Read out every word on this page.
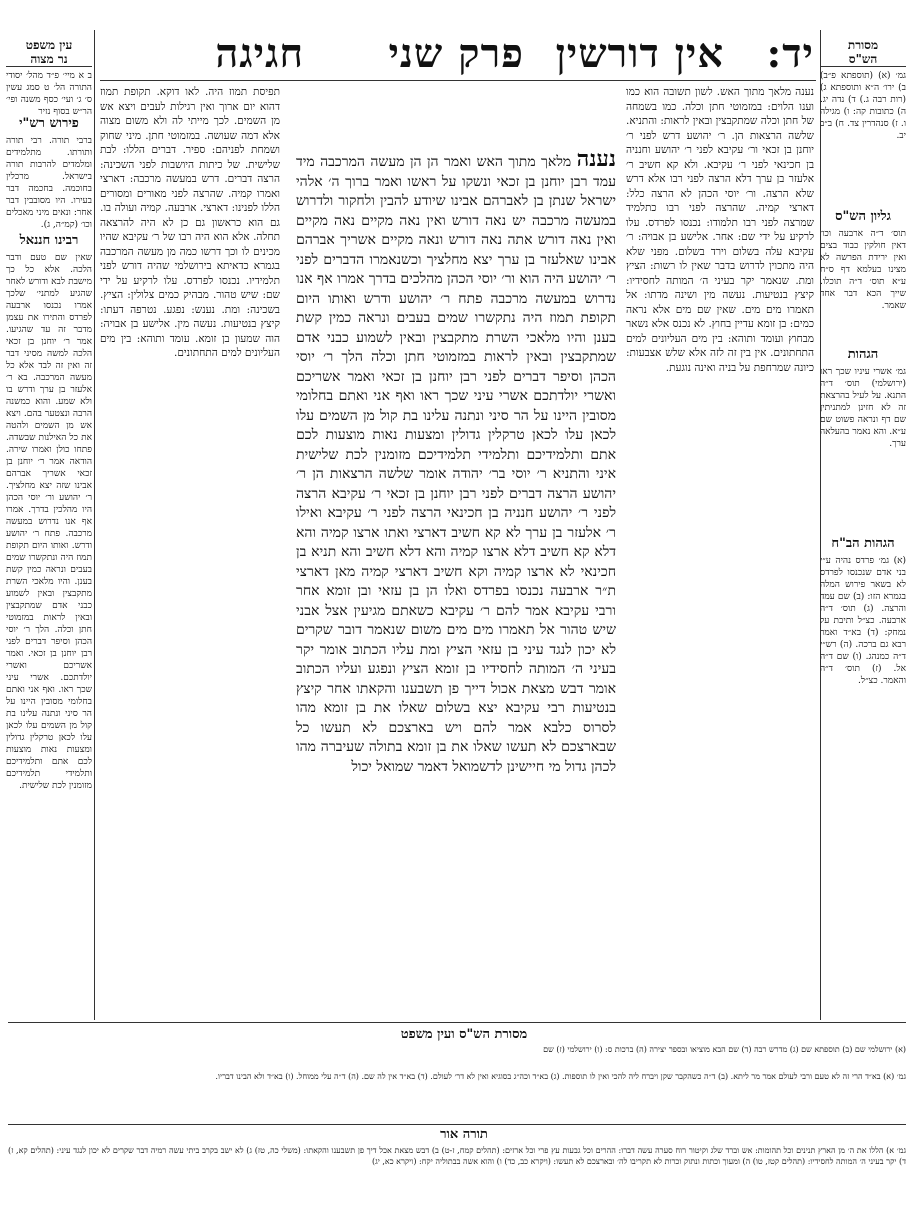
עין משפט
נר מצוה
ב א מיי׳ פ״ד מהל׳ יסודי התורה הל׳ ט סמג עשין ס׳ ג׳ ועי׳ כסף משנה ופי׳ הר״ש בסוף נזיר
פירוש רש"י
ברבי תורה. רבי תורה ותורתו. מתלמידים ומלמדים להרבות תורה בישראל. מרכלין בחוכמה. בחכמה דבר בעירו. היו מסובבין דבר אחר: ונאים מיני מאכלים וכו׳ (קמ״ה, ג).
רבינו חננאל
שאין שם טעם ודבר הלכה. אלא כל כך מישבת לבא ודורש לאחר שהגיע למתני׳ שלכך אמרו נכנסו ארבעה לפרדס והתירו את עצמן מדבר זה עד שהגיעו. אמר ר׳ יוחנן בן זכאי הלכה למשה מסיני דבר זה ואין זה לבד אלא כל מעשה המרכבה. בא ר׳ אלעזר בן ערך ודרש בו ולא שמע. והוא כמשנה הרבה ונצטער בהם. ויצא אש מן השמים ולהטה את כל האילנות שבשדה. פתחו כולן ואמרו שירה. הודאה אמר ר׳ יוחנן בן זכאי אשריך אברהם אבינו שזה יצא מחלציך. ר׳ יהושע ור׳ יוסי הכהן היו מהלכין בדרך. אמרו אף אנו נדרוש במעשה מרכבה. פתח ר׳ יהושע ודרש. ואותו היום תקופת תמוז היה ונתקשרו שמים בעבים ונראה כמין קשת בענן. והיו מלאכי השרת מתקבצין ובאין לשמוע כבני אדם שמתקבצין ובאין לראות במזמוטי חתן וכלה. הלך ר׳ יוסי הכהן וסיפר דברים לפני רבן יוחנן בן זכאי. ואמר אשריכם ואשרי יולדתכם. אשרי עיני שכך ראו. ואף אני ואתם בחלומי מסובין היינו על הר סיני ונתנה עלינו בת קול מן השמים עלו לכאן עלו לכאן טרקלין גדולין ומצעות נאות מוצעות לכם אתם ותלמידיכם ותלמידי תלמידיכם מזומנין לכת שלישית.
מסורת
הש"ס
גמ׳ (א) (תוספתא פ״ב) ב) ירו׳ ה״א ותוספתא ג) (רות רבה ג.) ד) נדה יג. ה) כתובות קה: ו) מגילה ו. ז) סנהדרין צד. ח) ב״ב יב.
גליון הש"ס
תוס׳ ד״ה ארבעה וכו׳ דאין חולקין כבוד בצים ואין ירידת הפרשה לא מצינו בעלמא דף ס״ח ע״א תוס׳ ד״ה תוכלו. שייך הכא דבר אחד שאמר.
הגהות
גמ׳ אשרי עיניו שכך ראו (ירושלמי) תוס׳ ד״ה התנא. על לעיל בהרצאת זה לא חזינן למתניתין שם דף ונראה פשוט שם ע״א. והא נאמר בהעלאה ערך.
הגהות הב"ח
(א) גמ׳ פרדס נהיה ע״י בני אדם שנכנסו לפרדס לא בשאר פירוש המלה בגמרא הזו: (ב) שם עמד והרצה. (ג) תוס׳ ד״ה ארבעה. כצ״ל ותיבת על נמחק: (ד) בא״ד ואמר רבא גם ברכה. (ה) רש״י ד״ה כמנהג. (ו) שם ד״ה אל. (ז) תוס׳ ד״ה והאמר. כצ״ל.
יד:
אין דורשין
פרק שני
חגיגה
נענה מלאך מתוך האש. לשון תשובה הוא כמו וענו הלוים: במזמוטי חתן וכלה. כמו בשמחה של חתן וכלה שמתקבצין ובאין לראות: והתניא. שלשה הרצאות הן. ר׳ יהושע דרש לפני ר׳ יוחנן בן זכאי ור׳ עקיבא לפני ר׳ יהושע וחנניה בן חכינאי לפני ר׳ עקיבא. ולא קא חשיב ר׳ אלעזר בן ערך דלא הרצה לפני רבו אלא דרש שלא הרצה. ור׳ יוסי הכהן לא הרצה כלל: דארצי קמיה. שהרצה לפני רבו כתלמיד שמרצה לפני רבו תלמודו: נכנסו לפרדס. עלו לרקיע על ידי שם: אחר. אלישע בן אבויה: ר׳ עקיבא עלה בשלום וירד בשלום. מפני שלא היה מתכוין לדרוש בדבר שאין לו רשות: הציץ ומת. שנאמר יקר בעיני ה׳ המותה לחסידיו: קיצץ בנטיעות. נעשה מין ושינה מדתו: אל תאמרו מים מים. שאין שם מים אלא נראה כמים: בן זומא עדיין בחוץ. לא נכנס אלא נשאר מבחוץ ועומד ותוהא: בין מים העליונים למים התחתונים. אין בין זה לזה אלא שלש אצבעות: כיונה שמרחפת על בניה ואינה נוגעת.
תפיסת תמוז היה. לאו דוקא. תקופת תמוז דהוא יום ארוך ואין רגילות לעבים ויצא אש מן השמים. לכך מייתי לה ולא משום מצוה אלא דמה שעושה. במזמוטי חתן. מיני שחוק ושמחת לפניהם: ספיר. דברים הללו: לבת שלישית. של כיתות היושבות לפני השכינה: הרצה דברים. דרש במעשה מרכבה: דארצי ואמרו קמיה. שהרצה לפני מאורים ומסורים הללו לפנינו: דארצי. ארבעה. קמיה ועולה בו. גם הוא כראשון גם כן לא היה להרצאה תחלה. אלא הוא היה רבו של ר׳ עקיבא שהיו מכינים לו וכך דרשו כמה מן מעשה המרכבה בגמרא כדאיתא בירושלמי שהיה דורש לפני תלמידיו. נכנסו לפרדס. עלו לרקיע על ידי שם: שיש טהור. מבהיק כמים צלולין: הציץ. בשכינה: ומת. נענש: נפגע. נטרפה דעתו: קיצץ בנטיעות. נעשה מין. אלישע בן אבויה: הוה שמעון בן זומא. עומד ותוהא: בין מים העליונים למים התחתונים.
נענה מלאך מתוך האש ואמר הן הן מעשה המרכבה מיד עמד רבן יוחנן בן זכאי ונשקו על ראשו ואמר ברוך ה׳ אלהי ישראל שנתן בן לאברהם אבינו שיודע להבין ולחקור ולדרוש במעשה מרכבה יש נאה דורש ואין נאה מקיים נאה מקיים ואין נאה דורש אתה נאה דורש ונאה מקיים אשריך אברהם אבינו שאלעזר בן ערך יצא מחלציך וכשנאמרו הדברים לפני ר׳ יהושע היה הוא ור׳ יוסי הכהן מהלכים בדרך אמרו אף אנו נדרוש במעשה מרכבה פתח ר׳ יהושע ודרש ואותו היום תקופת תמוז היה נתקשרו שמים בעבים ונראה כמין קשת בענן והיו מלאכי השרת מתקבצין ובאין לשמוע כבני אדם שמתקבצין ובאין לראות במזמוטי חתן וכלה הלך ר׳ יוסי הכהן וסיפר דברים לפני רבן יוחנן בן זכאי ואמר אשריכם ואשרי יולדתכם אשרי עיני שכך ראו ואף אני ואתם בחלומי מסובין היינו על הר סיני ונתנה עלינו בת קול מן השמים עלו לכאן עלו לכאן טרקלין גדולין ומצעות נאות מוצעות לכם אתם ותלמידיכם ותלמידי תלמידיכם מזומנין לכת שלישית איני והתניא ר׳ יוסי בר׳ יהודה אומר שלשה הרצאות הן ר׳ יהושע הרצה דברים לפני רבן יוחנן בן זכאי ר׳ עקיבא הרצה לפני ר׳ יהושע חנניה בן חכינאי הרצה לפני ר׳ עקיבא ואילו ר׳ אלעזר בן ערך לא קא חשיב דארצי ואתו ארצו קמיה והא דלא קא חשיב דלא ארצו קמיה והא דלא חשיב והא תניא בן חכינאי לא ארצו קמיה וקא חשיב דארצי קמיה מאן דארצי ת״ר ארבעה נכנסו בפרדס ואלו הן בן עזאי ובן זומא אחר ורבי עקיבא אמר להם ר׳ עקיבא כשאתם מגיעין אצל אבני שיש טהור אל תאמרו מים מים משום שנאמר דובר שקרים לא יכון לנגד עיני בן עזאי הציץ ומת עליו הכתוב אומר יקר בעיני ה׳ המותה לחסידיו בן זומא הציץ ונפגע ועליו הכתוב אומר דבש מצאת אכול דייך פן תשבענו והקאתו אחר קיצץ בנטיעות רבי עקיבא יצא בשלום שאלו את בן זומא מהו לסרוס כלבא אמר להם ויש בארצכם לא תעשו כל שבארצכם לא תעשו שאלו את בן זומא בתולה שעיברה מהו לכהן גדול מי חיישינן לדשמואל דאמר שמואל יכול
מסורת הש"ס ועין משפט
(א) ירושלמי שם (ב) תוספתא שם (ג) מדרש רבה (ד) שם הבא מוציאו ובספר יצירה (ה) ברכות ס: (ו) ירושלמי (ז) שם
גמ׳ (א) בא״ד הרי זה לא טעם ורבי לעולם אמר מר ליתא. (ב) ד״ה כשהקבר שקן ויברח ליה להכי ואין לו תוספות. (ג) בא״ד וכה״ג בסוגיא ואין לא דר׳ לעולם. (ד) בא״ד אין לה שם. (ה) ד״ה עלי ממוחל. (ו) בא״ד ולא הבינו דבריו.
תורה אור
גמ׳ א) הללו את ה׳ מן הארץ תנינים וכל תהומות: אש וברד שלג וקיטור רוח סערה עשה דברו: ההרים וכל גבעות עץ פרי וכל ארזים: (תהלים קמח, ז-ט) ב) דבש מצאת אכל דיך פן תשבענו והקאתו: (משלי כה, טז) ג) לא ישב בקרב ביתי עשה רמיה דבר שקרים לא יכון לנגד עיני: (תהלים קא, ז) ד) יקר בעיני ה׳ המותה לחסידיו: (תהלים קטז, טו) ה) ומעוך וכתות ונתוק וכרות לא תקריבו לה׳ ובארצכם לא תעשו: (ויקרא כב, כד) ו) והוא אשה בבתוליה יקח: (ויקרא כא, יג)
